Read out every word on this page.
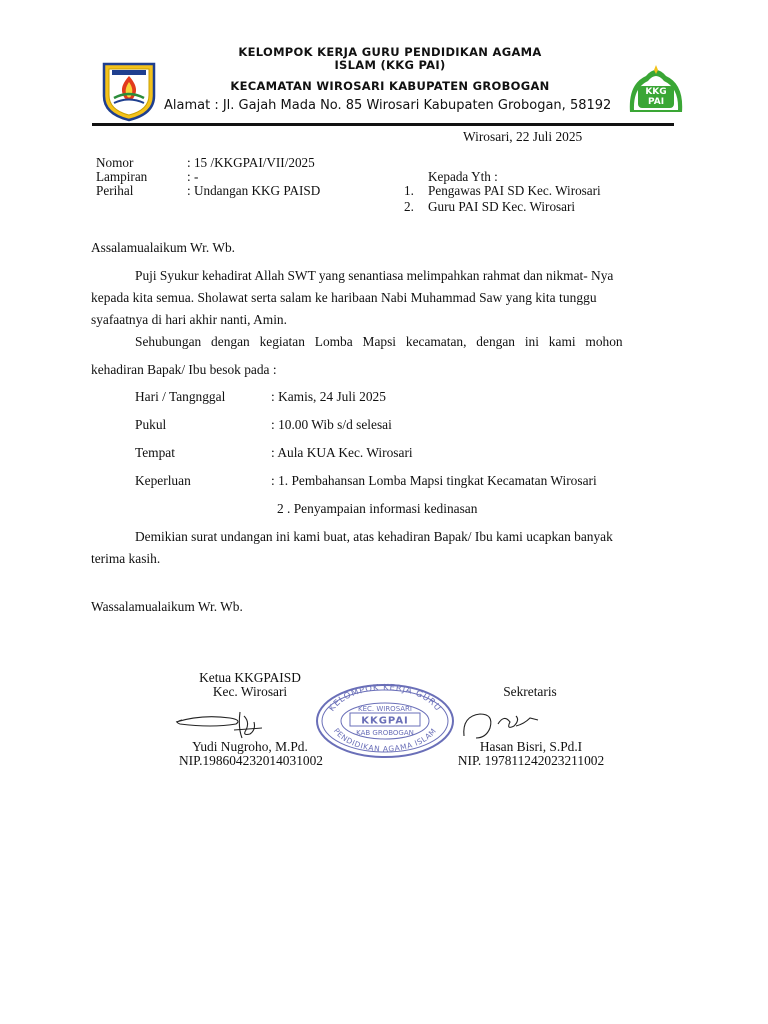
KELOMPOK KERJA GURU PENDIDIKAN AGAMA
ISLAM (KKG PAI)
KECAMATAN WIROSARI KABUPATEN GROBOGAN
Alamat : Jl. Gajah Mada No. 85 Wirosari Kabupaten Grobogan, 58192
KKG PAI
Wirosari, 22 Juli 2025
Nomor	: 15 /KKGPAI/VII/2025
Lampiran	: -
Perihal	: Undangan KKG PAISD
Kepada Yth :
1. Pengawas PAI SD Kec. Wirosari
2. Guru PAI SD Kec. Wirosari
Assalamualaikum Wr. Wb.
Puji Syukur kehadirat Allah SWT yang senantiasa melimpahkan rahmat dan nikmat- Nya
kepada kita semua. Sholawat serta salam ke haribaan Nabi Muhammad Saw yang kita tunggu
syafaatnya di hari akhir nanti, Amin.
Sehubungan dengan kegiatan Lomba Mapsi kecamatan, dengan ini kami mohon
kehadiran Bapak/ Ibu besok pada :
Hari / Tangnggal	: Kamis, 24 Juli 2025
Pukul	: 10.00 Wib s/d selesai
Tempat	: Aula KUA Kec. Wirosari
Keperluan	: 1. Pembahansan Lomba Mapsi tingkat Kecamatan Wirosari
2 . Penyampaian informasi kedinasan
Demikian surat undangan ini kami buat, atas kehadiran Bapak/ Ibu kami ucapkan banyak
terima kasih.
Wassalamualaikum Wr. Wb.
Ketua KKGPAISD
Kec. Wirosari	Sekretaris
KELOMPOK KERJA GURU
PENDIDIKAN AGAMA ISLAM
KEC. WIROSARI
KKGPAI
KAB GROBOGAN
Yudi Nugroho, M.Pd.
NIP.198604232014031002
Hasan Bisri, S.Pd.I
NIP. 197811242023211002
